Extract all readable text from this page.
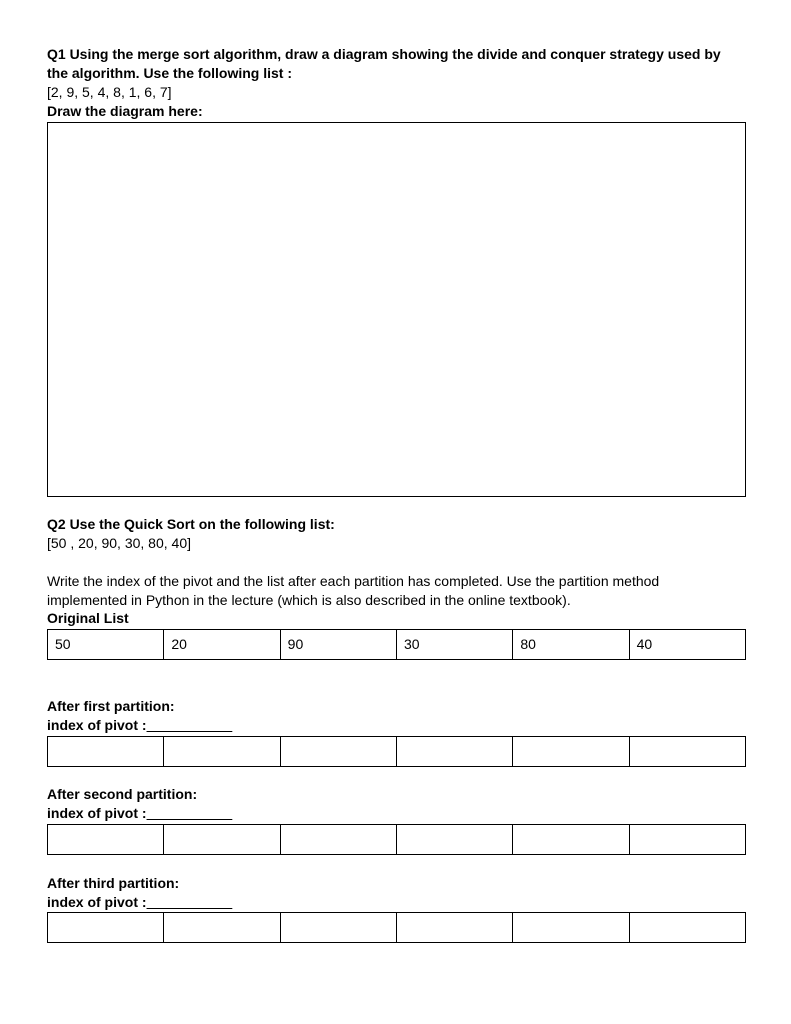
Q1 Using the merge sort algorithm, draw a diagram showing the divide and conquer strategy used by
the algorithm. Use the following list :
[2, 9, 5, 4, 8, 1, 6, 7]
Draw the diagram here:
Q2 Use the Quick Sort on the following list:
[50 , 20, 90, 30, 80, 40]
Write the index of the pivot and the list after each partition has completed. Use the partition method
implemented in Python in the lecture (which is also described in the online textbook).
Original List
50	20	90	30	80	40
After first partition:
index of pivot :___________
After second partition:
index of pivot :___________
After third partition:
index of pivot :___________
